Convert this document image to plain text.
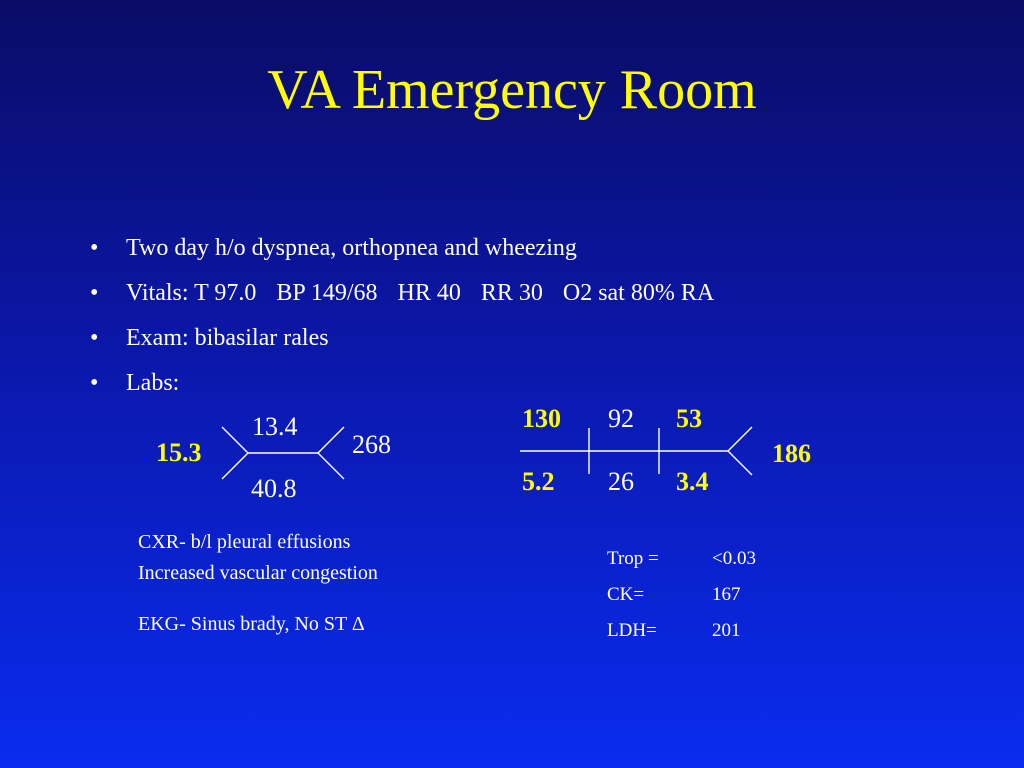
VA Emergency Room
• Two day h/o dyspnea, orthopnea and wheezing
• Vitals: T 97.0 BP 149/68 HR 40 RR 30 O2 sat 80% RA
• Exam: bibasilar rales
• Labs:
15.3
13.4
40.8
268
130 92 53
5.2 26 3.4
186
CXR- b/l pleural effusions
Increased vascular congestion
EKG- Sinus brady, No ST Δ
Trop =	<0.03
CK=	167
LDH=	201
